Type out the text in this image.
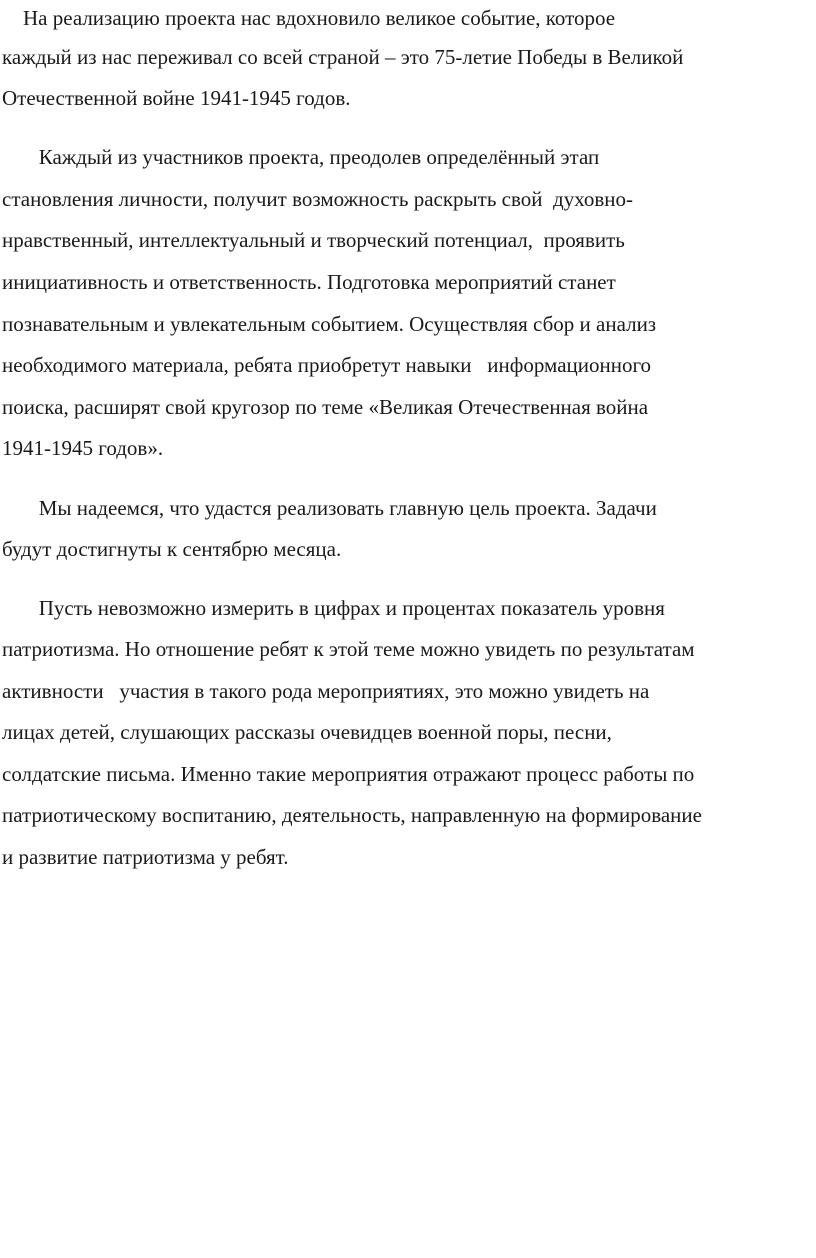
На реализацию проекта нас вдохновило великое событие, которое
каждый из нас переживал со всей страной – это 75-летие Победы в Великой
Отечественной войне 1941-1945 годов.
Каждый из участников проекта, преодолев определённый этап
становления личности, получит возможность раскрыть свой  духовно-
нравственный, интеллектуальный и творческий потенциал,  проявить
инициативность и ответственность. Подготовка мероприятий станет
познавательным и увлекательным событием. Осуществляя сбор и анализ
необходимого материала, ребята приобретут навыки   информационного
поиска, расширят свой кругозор по теме «Великая Отечественная война
1941-1945 годов».
Мы надеемся, что удастся реализовать главную цель проекта. Задачи
будут достигнуты к сентябрю месяца.
Пусть невозможно измерить в цифрах и процентах показатель уровня
патриотизма. Но отношение ребят к этой теме можно увидеть по результатам
активности   участия в такого рода мероприятиях, это можно увидеть на
лицах детей, слушающих рассказы очевидцев военной поры, песни,
солдатские письма. Именно такие мероприятия отражают процесс работы по
патриотическому воспитанию, деятельность, направленную на формирование
и развитие патриотизма у ребят.
